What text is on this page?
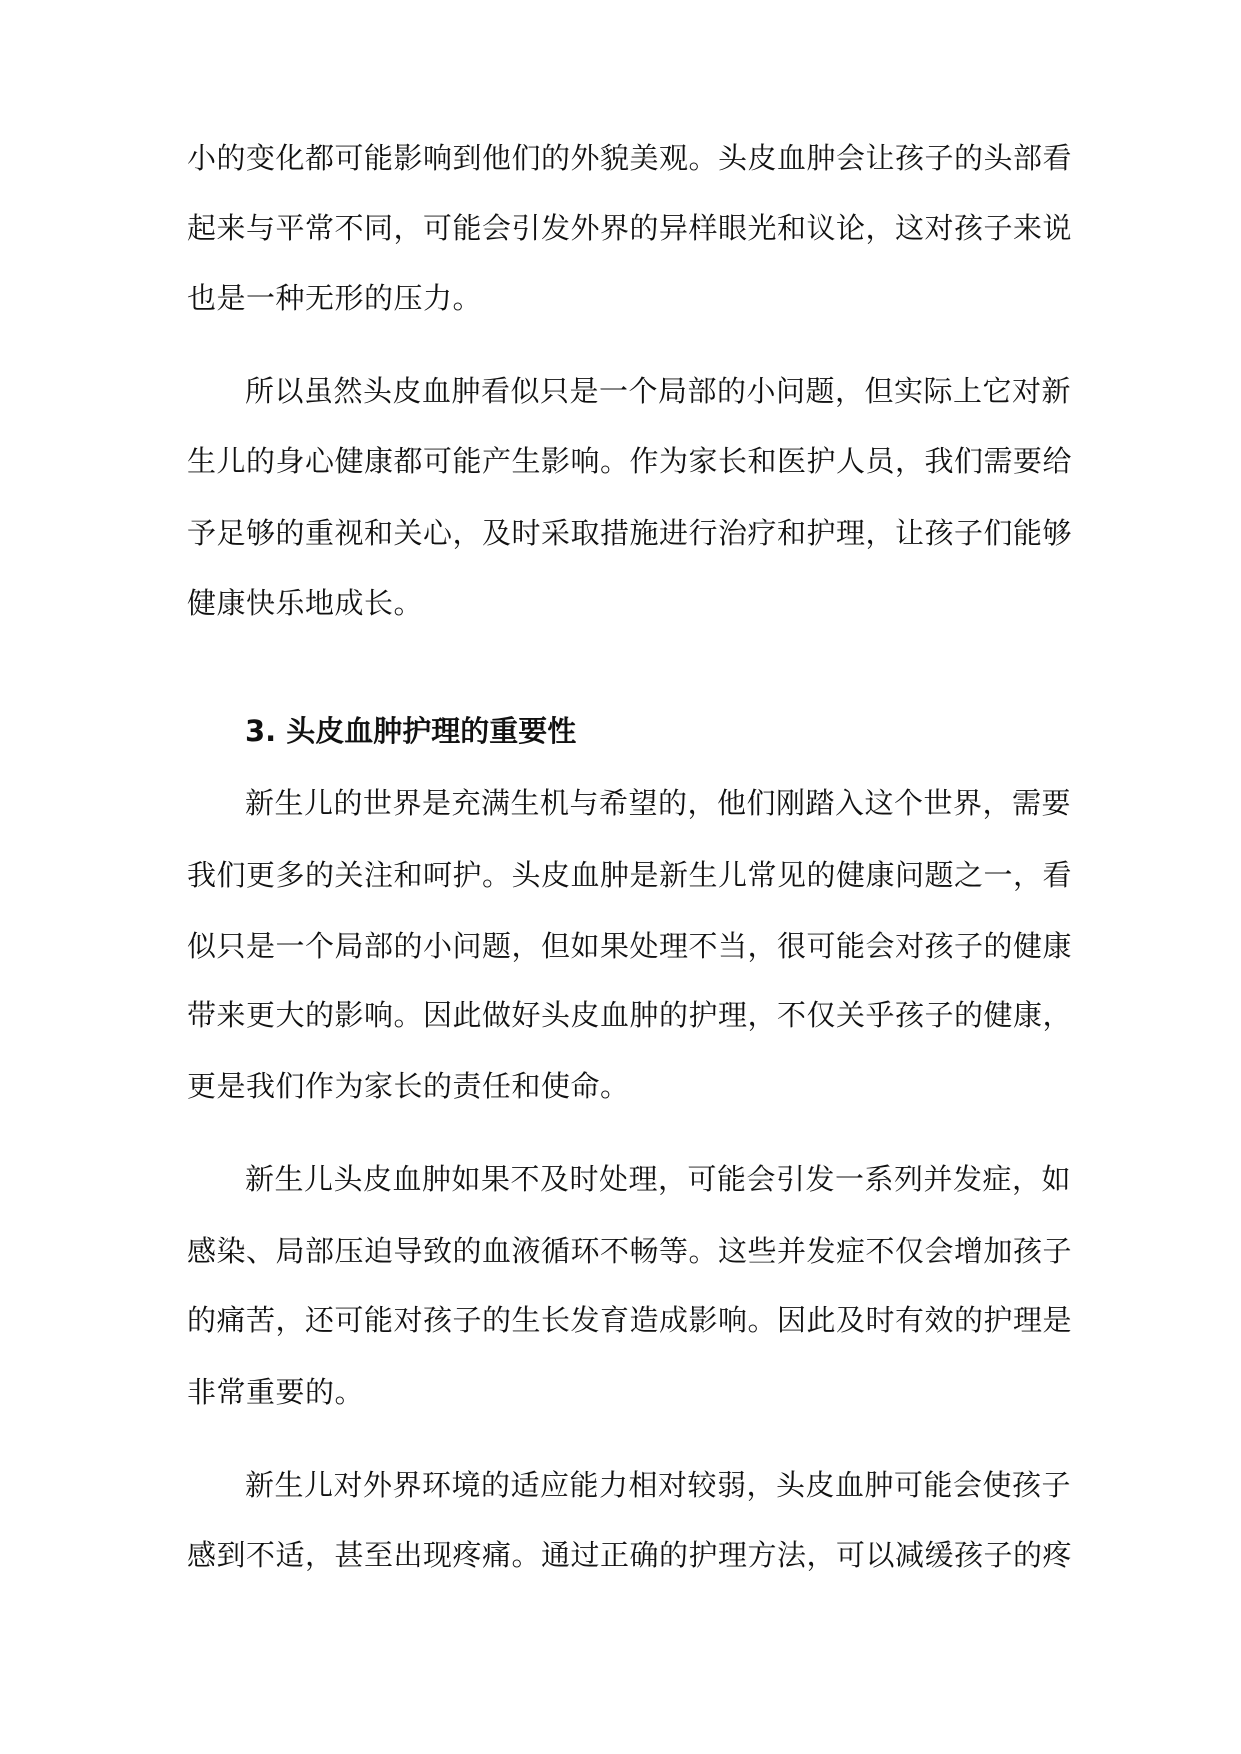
小的变化都可能影响到他们的外貌美观。头皮血肿会让孩子的头部看
起来与平常不同，可能会引发外界的异样眼光和议论，这对孩子来说
也是一种无形的压力。
所以虽然头皮血肿看似只是一个局部的小问题，但实际上它对新
生儿的身心健康都可能产生影响。作为家长和医护人员，我们需要给
予足够的重视和关心，及时采取措施进行治疗和护理，让孩子们能够
健康快乐地成长。
3. 头皮血肿护理的重要性
新生儿的世界是充满生机与希望的，他们刚踏入这个世界，需要
我们更多的关注和呵护。头皮血肿是新生儿常见的健康问题之一，看
似只是一个局部的小问题，但如果处理不当，很可能会对孩子的健康
带来更大的影响。因此做好头皮血肿的护理，不仅关乎孩子的健康，
更是我们作为家长的责任和使命。
新生儿头皮血肿如果不及时处理，可能会引发一系列并发症，如
感染、局部压迫导致的血液循环不畅等。这些并发症不仅会增加孩子
的痛苦，还可能对孩子的生长发育造成影响。因此及时有效的护理是
非常重要的。
新生儿对外界环境的适应能力相对较弱，头皮血肿可能会使孩子
感到不适，甚至出现疼痛。通过正确的护理方法，可以减缓孩子的疼
